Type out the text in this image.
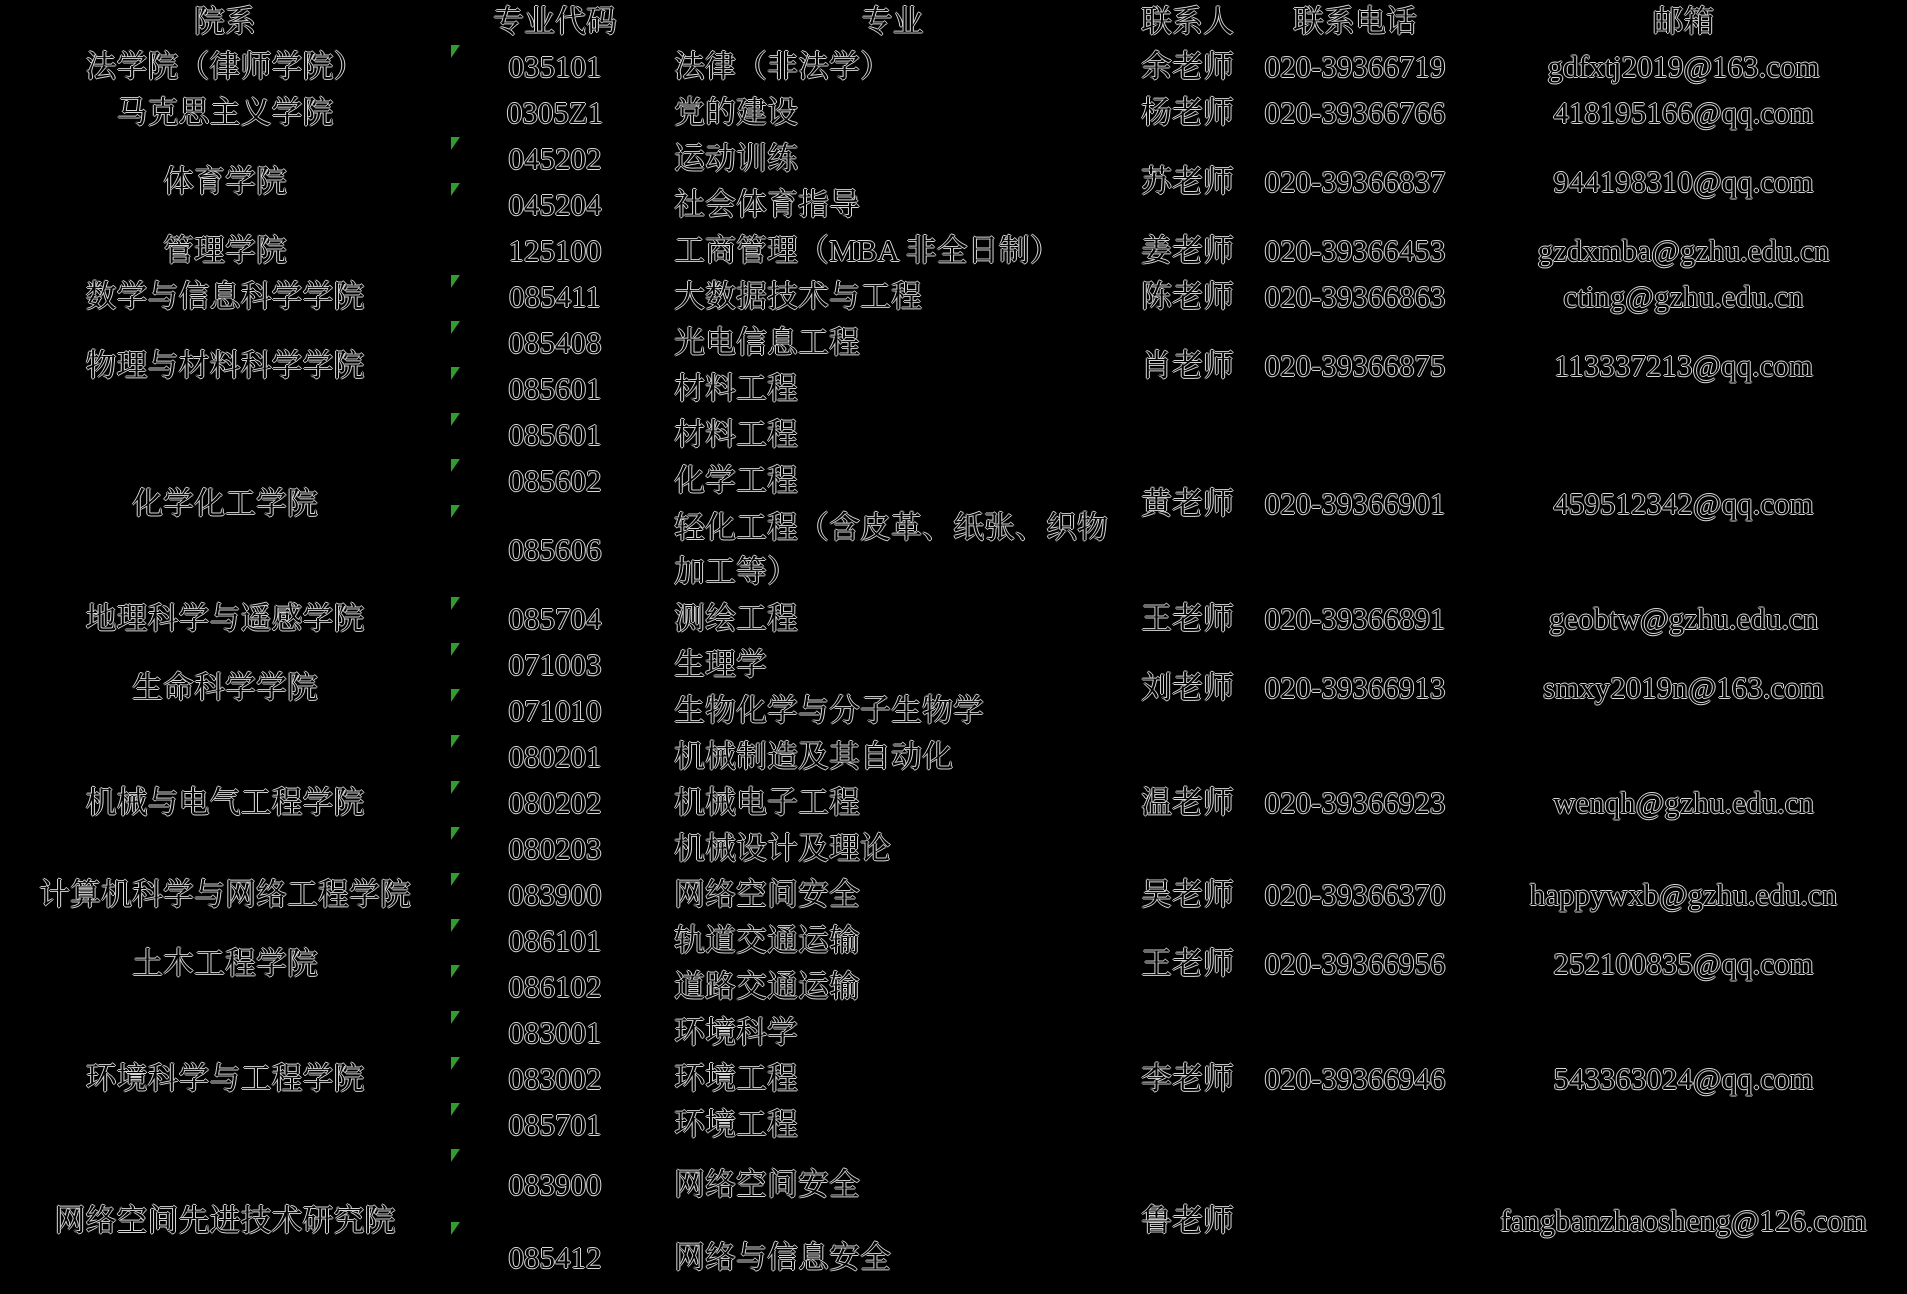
院系	专业代码	专业	联系人	联系电话	邮箱
法学院（律师学院）	035101	法律（非法学）	余老师	020-39366719	gdfxtj2019@163.com
马克思主义学院	0305Z1	党的建设	杨老师	020-39366766	418195166@qq.com
体育学院	045202	运动训练	苏老师	020-39366837	944198310@qq.com

045204	社会体育指导			
管理学院	125100	工商管理（MBA 非全日制）	姜老师	020-39366453	gzdxmba@gzhu.edu.cn
数学与信息科学学院	085411	大数据技术与工程	陈老师	020-39366863	cting@gzhu.edu.cn
物理与材料科学学院	085408	光电信息工程	肖老师	020-39366875	113337213@qq.com

085601	材料工程			
化学化工学院	085601	材料工程	黄老师	020-39366901	459512342@qq.com

085602	化学工程			

085606	轻化工程（含皮革、纸张、织物加工等）			
地理科学与遥感学院	085704	测绘工程	王老师	020-39366891	geobtw@gzhu.edu.cn
生命科学学院	071003	生理学	刘老师	020-39366913	smxy2019n@163.com

071010	生物化学与分子生物学			
机械与电气工程学院	080201	机械制造及其自动化	温老师	020-39366923	wenqh@gzhu.edu.cn

080202	机械电子工程			

080203	机械设计及理论			
计算机科学与网络工程学院	083900	网络空间安全	吴老师	020-39366370	happywxb@gzhu.edu.cn
土木工程学院	086101	轨道交通运输	王老师	020-39366956	252100835@qq.com

086102	道路交通运输			
环境科学与工程学院	083001	环境科学	李老师	020-39366946	543363024@qq.com

083002	环境工程			

085701	环境工程			
网络空间先进技术研究院	083900	网络空间安全	鲁老师		fangbanzhaosheng@126.com

085412	网络与信息安全			
